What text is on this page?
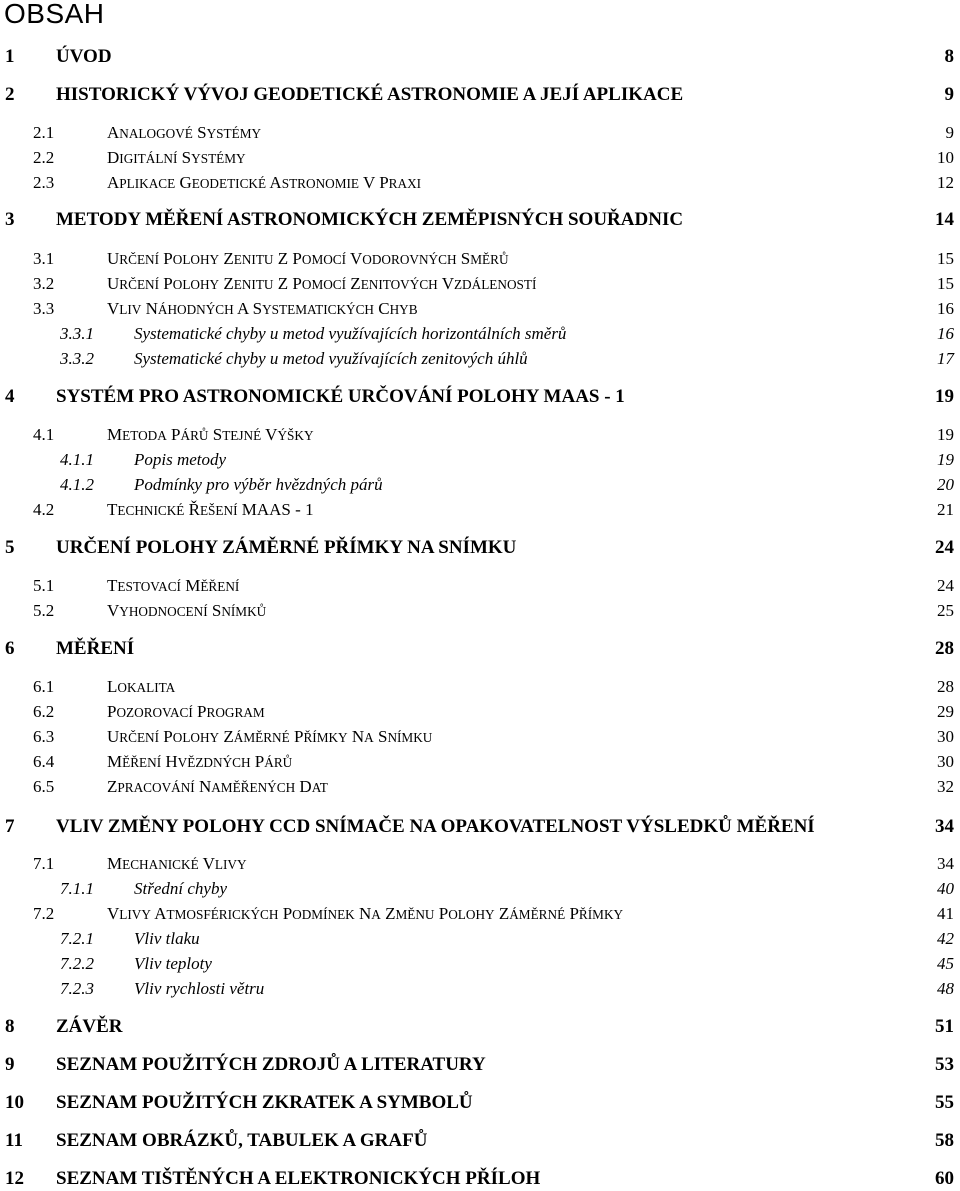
OBSAH
1 ÚVOD	8
2 HISTORICKÝ VÝVOJ GEODETICKÉ ASTRONOMIE A JEJÍ APLIKACE	9
2.1	ANALOGOVÉ SYSTÉMY	9
2.2	DIGITÁLNÍ SYSTÉMY	10
2.3	APLIKACE GEODETICKÉ ASTRONOMIE V PRAXI	12
3 METODY MĚŘENÍ ASTRONOMICKÝCH ZEMĚPISNÝCH SOUŘADNIC	14
3.1	URČENÍ POLOHY ZENITU Z POMOCÍ VODOROVNÝCH SMĚRŮ	15
3.2	URČENÍ POLOHY ZENITU Z POMOCÍ ZENITOVÝCH VZDÁLENOSTÍ	15
3.3	VLIV NÁHODNÝCH A SYSTEMATICKÝCH CHYB	16
3.3.1 Systematické chyby u metod využívajících horizontálních směrů	16
3.3.2 Systematické chyby u metod využívajících zenitových úhlů	17
4 SYSTÉM PRO ASTRONOMICKÉ URČOVÁNÍ POLOHY MAAS - 1	19
4.1	METODA PÁRŮ STEJNÉ VÝŠKY	19
4.1.1 Popis metody	19
4.1.2 Podmínky pro výběr hvězdných párů	20
4.2	TECHNICKÉ ŘEŠENÍ MAAS - 1	21
5 URČENÍ POLOHY ZÁMĚRNÉ PŘÍMKY NA SNÍMKU	24
5.1	TESTOVACÍ MĚŘENÍ	24
5.2	VYHODNOCENÍ SNÍMKŮ	25
6 MĚŘENÍ	28
6.1	LOKALITA	28
6.2	POZOROVACÍ PROGRAM	29
6.3	URČENÍ POLOHY ZÁMĚRNÉ PŘÍMKY NA SNÍMKU	30
6.4	MĚŘENÍ HVĚZDNÝCH PÁRŮ	30
6.5	ZPRACOVÁNÍ NAMĚŘENÝCH DAT	32
7 VLIV ZMĚNY POLOHY CCD SNÍMAČE NA OPAKOVATELNOST VÝSLEDKŮ MĚŘENÍ	34
7.1	MECHANICKÉ VLIVY	34
7.1.1 Střední chyby	40
7.2	VLIVY ATMOSFÉRICKÝCH PODMÍNEK NA ZMĚNU POLOHY ZÁMĚRNÉ PŘÍMKY	41
7.2.1 Vliv tlaku	42
7.2.2 Vliv teploty	45
7.2.3 Vliv rychlosti větru	48
8 ZÁVĚR	51
9 SEZNAM POUŽITÝCH ZDROJŮ A LITERATURY	53
10 SEZNAM POUŽITÝCH ZKRATEK A SYMBOLŮ	55
11 SEZNAM OBRÁZKŮ, TABULEK A GRAFŮ	58
12 SEZNAM TIŠTĚNÝCH A ELEKTRONICKÝCH PŘÍLOH	60
